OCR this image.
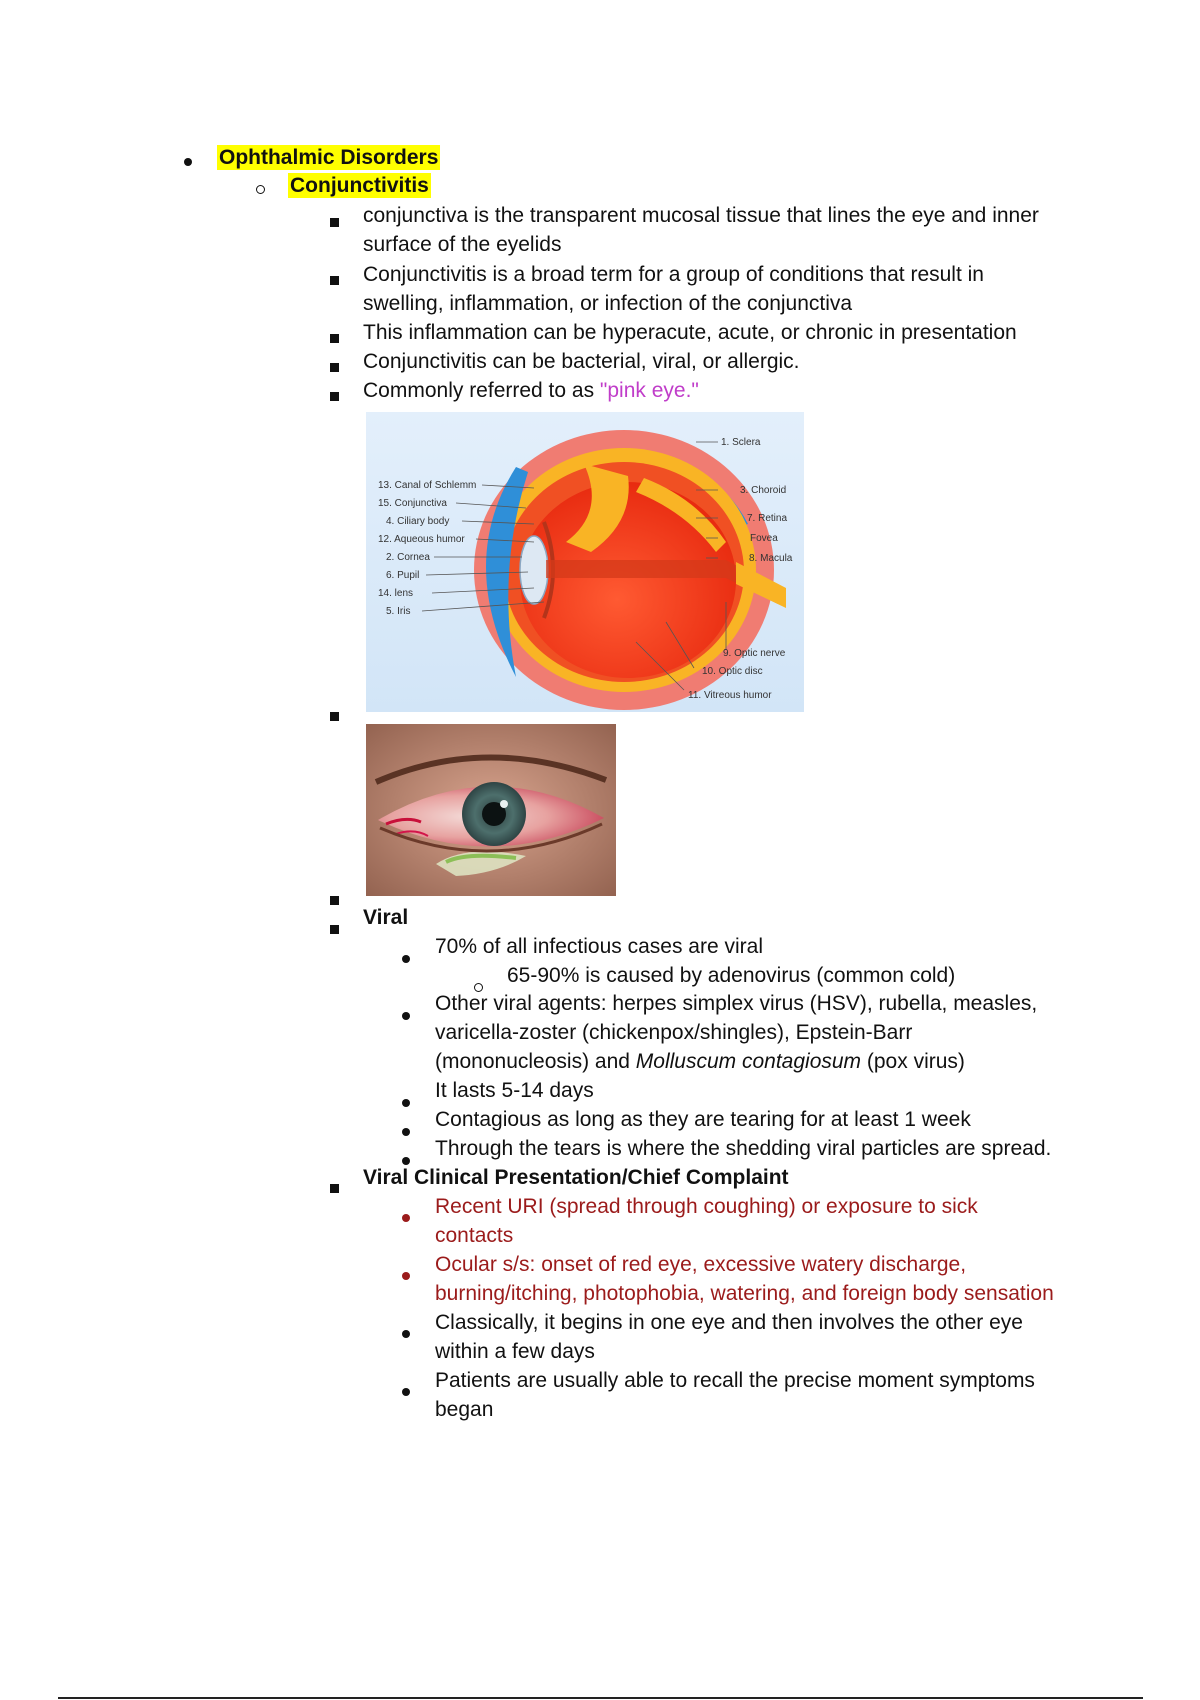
Ophthalmic Disorders
Conjunctivitis
conjunctiva is the transparent mucosal tissue that lines the eye and inner
surface of the eyelids
Conjunctivitis is a broad term for a group of conditions that result in
swelling, inflammation, or infection of the conjunctiva
This inflammation can be hyperacute, acute, or chronic in presentation
Conjunctivitis can be bacterial, viral, or allergic.
Commonly referred to as "pink eye."
13. Canal of Schlemm
15. Conjunctiva
4. Ciliary body
12. Aqueous humor
2. Cornea
6. Pupil
14. lens
5. Iris
1. Sclera
3. Choroid
7. Retina
Fovea
8. Macula
9. Optic nerve
10. Optic disc
11. Vitreous humor
Viral
70% of all infectious cases are viral
65-90% is caused by adenovirus (common cold)
Other viral agents: herpes simplex virus (HSV), rubella, measles,
varicella-zoster (chickenpox/shingles), Epstein-Barr
(mononucleosis) and Molluscum contagiosum (pox virus)
It lasts 5-14 days
Contagious as long as they are tearing for at least 1 week
Through the tears is where the shedding viral particles are spread.
Viral Clinical Presentation/Chief Complaint
Recent URI (spread through coughing) or exposure to sick
contacts
Ocular s/s: onset of red eye, excessive watery discharge,
burning/itching, photophobia, watering, and foreign body sensation
Classically, it begins in one eye and then involves the other eye
within a few days
Patients are usually able to recall the precise moment symptoms
began
